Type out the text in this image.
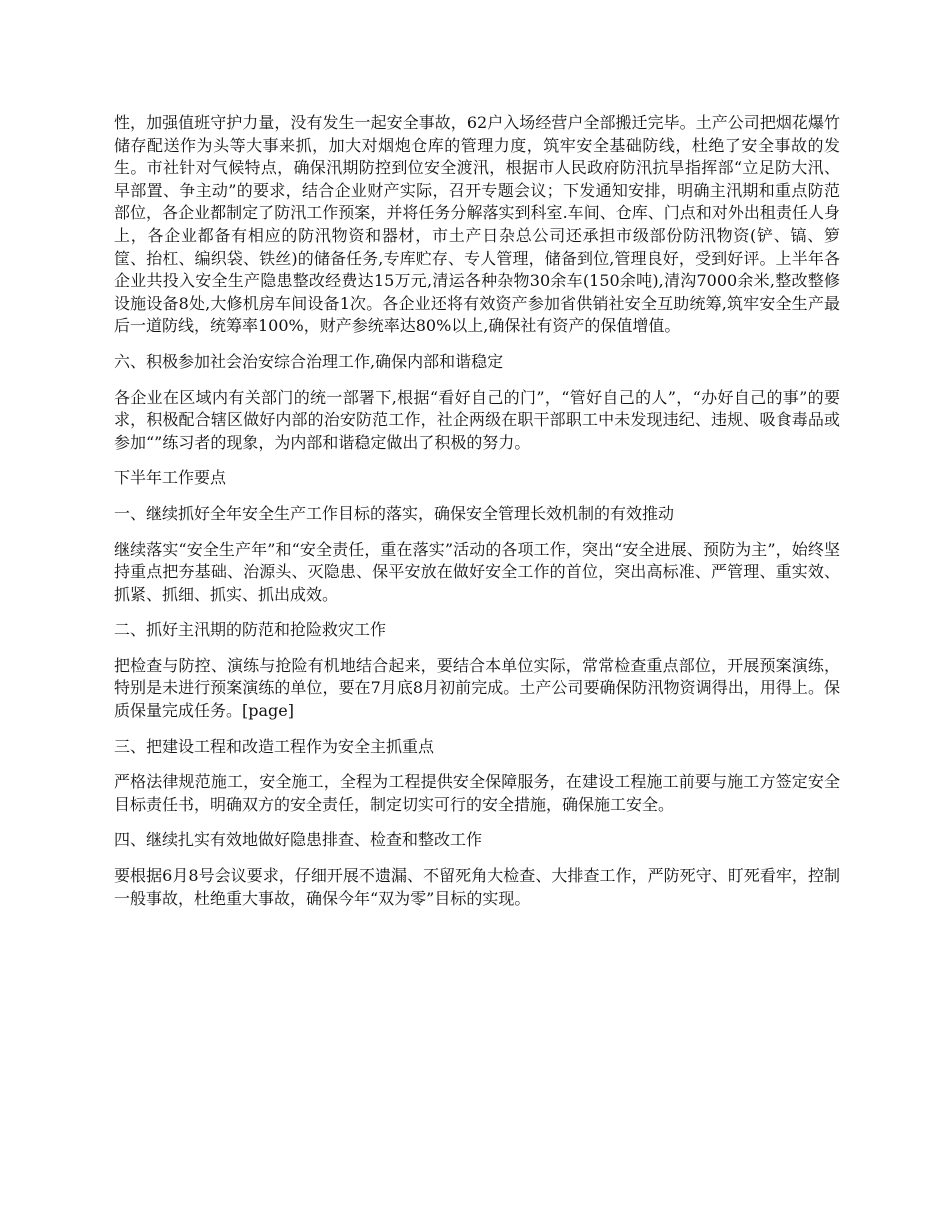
性，加强值班守护力量，没有发生一起安全事故，62户入场经营户全部搬迁完毕。土产公司把烟花爆竹储存配送作为头等大事来抓，加大对烟炮仓库的管理力度，筑牢安全基础防线，杜绝了安全事故的发生。市社针对气候特点，确保汛期防控到位安全渡汛，根据市人民政府防汛抗旱指挥部“立足防大汛、早部置、争主动”的要求，结合企业财产实际，召开专题会议；下发通知安排，明确主汛期和重点防范部位，各企业都制定了防汛工作预案，并将任务分解落实到科室.车间、仓库、门点和对外出租责任人身上，各企业都备有相应的防汛物资和器材，市土产日杂总公司还承担市级部份防汛物资(铲、镐、箩筐、抬杠、编织袋、铁丝)的储备任务,专库贮存、专人管理，储备到位,管理良好，受到好评。上半年各企业共投入安全生产隐患整改经费达15万元,清运各种杂物30余车(150余吨),清沟7000余米,整改整修设施设备8处,大修机房车间设备1次。各企业还将有效资产参加省供销社安全互助统筹,筑牢安全生产最后一道防线，统筹率100%，财产参统率达80%以上,确保社有资产的保值增值。

六、积极参加社会治安综合治理工作,确保内部和谐稳定

各企业在区域内有关部门的统一部署下,根据“看好自己的门”，“管好自己的人”，“办好自己的事”的要求，积极配合辖区做好内部的治安防范工作，社企两级在职干部职工中未发现违纪、违规、吸食毒品或参加“”练习者的现象，为内部和谐稳定做出了积极的努力。

下半年工作要点

一、继续抓好全年安全生产工作目标的落实，确保安全管理长效机制的有效推动

继续落实“安全生产年”和“安全责任，重在落实”活动的各项工作，突出“安全进展、预防为主”，始终坚持重点把夯基础、治源头、灭隐患、保平安放在做好安全工作的首位，突出高标准、严管理、重实效、抓紧、抓细、抓实、抓出成效。

二、抓好主汛期的防范和抢险救灾工作

把检查与防控、演练与抢险有机地结合起来，要结合本单位实际，常常检查重点部位，开展预案演练，特别是未进行预案演练的单位，要在7月底8月初前完成。土产公司要确保防汛物资调得出，用得上。保质保量完成任务。[page]

三、把建设工程和改造工程作为安全主抓重点

严格法律规范施工，安全施工，全程为工程提供安全保障服务，在建设工程施工前要与施工方签定安全目标责任书，明确双方的安全责任，制定切实可行的安全措施，确保施工安全。

四、继续扎实有效地做好隐患排查、检查和整改工作

要根据6月8号会议要求，仔细开展不遗漏、不留死角大检查、大排查工作，严防死守、盯死看牢，控制一般事故，杜绝重大事故，确保今年“双为零”目标的实现。
